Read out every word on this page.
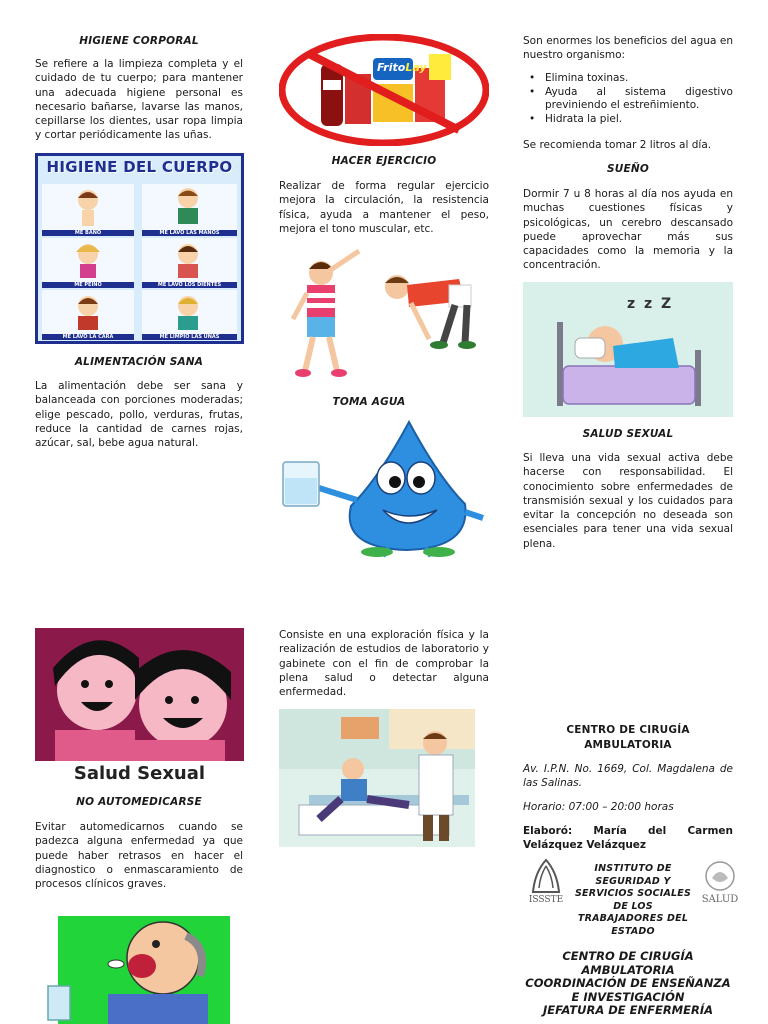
HIGIENE CORPORAL
Se refiere a la limpieza completa y el cuidado de tu cuerpo; para mantener una adecuada higiene personal es necesario bañarse, lavarse las manos, cepillarse los dientes, usar ropa limpia y cortar periódicamente las uñas.
HIGIENE DEL CUERPO
ME BAÑO	ME LAVO LAS MANOS
ME PEINO	ME LAVO LOS DIENTES
ME LAVO LA CARA	ME LIMPIO LAS UÑAS
ALIMENTACIÓN SANA
La alimentación debe ser sana y balanceada con porciones moderadas; elige pescado, pollo, verduras, frutas, reduce la cantidad de carnes rojas, azúcar, sal, bebe agua natural.
Salud Sexual
NO AUTOMEDICARSE
Evitar automedicarnos cuando se padezca alguna enfermedad ya que puede haber retrasos en hacer el diagnostico o enmascaramiento de procesos clínicos graves.
FritoLay
HACER EJERCICIO
Realizar de forma regular ejercicio mejora la circulación, la resistencia física, ayuda a mantener el peso, mejora el tono muscular, etc.
TOMA AGUA
Consiste en una exploración física y la realización de estudios de laboratorio y gabinete con el fin de comprobar la plena salud o detectar alguna enfermedad.
Son enormes los beneficios del agua en nuestro organismo:
• Elimina toxinas.
• Ayuda al sistema digestivo previniendo el estreñimiento.
• Hidrata la piel.
Se recomienda tomar 2 litros al día.
SUEÑO
Dormir 7 u 8 horas al día nos ayuda en muchas cuestiones físicas y psicológicas, un cerebro descansado puede aprovechar más sus capacidades como la memoria y la concentración.
z z Z
SALUD SEXUAL
Si lleva una vida sexual activa debe hacerse con responsabilidad. El conocimiento sobre enfermedades de transmisión sexual y los cuidados para evitar la concepción no deseada son esenciales para tener una vida sexual plena.
CENTRO DE CIRUGÍA AMBULATORIA
Av. I.P.N. No. 1669, Col. Magdalena de las Salinas.
Horario: 07:00 – 20:00 horas
Elaboró: María del Carmen Velázquez Velázquez
ISSSTE
INSTITUTO DE SEGURIDAD Y SERVICIOS SOCIALES DE LOS TRABAJADORES DEL ESTADO
SALUD
CENTRO DE CIRUGÍA
AMBULATORIA
COORDINACIÓN DE ENSEÑANZA
E INVESTIGACIÓN
JEFATURA DE ENFERMERÍA
